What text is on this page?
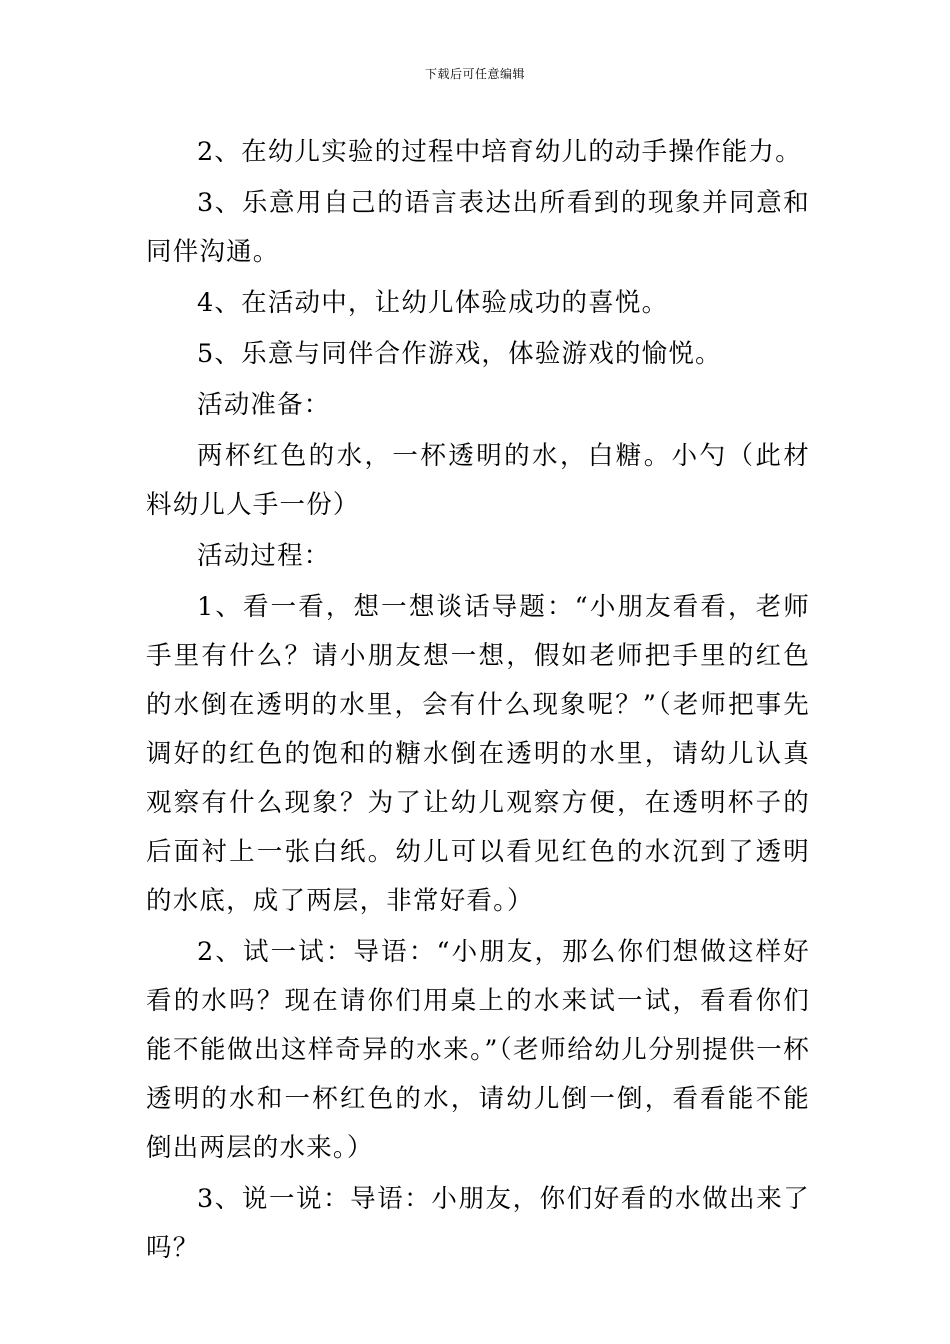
下载后可任意编辑

2、在幼儿实验的过程中培育幼儿的动手操作能力。

3、乐意用自己的语言表达出所看到的现象并同意和同伴沟通。

4、在活动中，让幼儿体验成功的喜悦。

5、乐意与同伴合作游戏，体验游戏的愉悦。

活动准备：

两杯红色的水，一杯透明的水，白糖。小勺（此材料幼儿人手一份）

活动过程：

1、看一看，想一想谈话导题：“小朋友看看，老师手里有什么？请小朋友想一想，假如老师把手里的红色的水倒在透明的水里，会有什么现象呢？”（老师把事先调好的红色的饱和的糖水倒在透明的水里，请幼儿认真观察有什么现象？为了让幼儿观察方便，在透明杯子的后面衬上一张白纸。幼儿可以看见红色的水沉到了透明的水底，成了两层，非常好看。）

2、试一试：导语：“小朋友，那么你们想做这样好看的水吗？现在请你们用桌上的水来试一试，看看你们能不能做出这样奇异的水来。”（老师给幼儿分别提供一杯透明的水和一杯红色的水，请幼儿倒一倒，看看能不能倒出两层的水来。）

3、说一说：导语：小朋友，你们好看的水做出来了吗？
